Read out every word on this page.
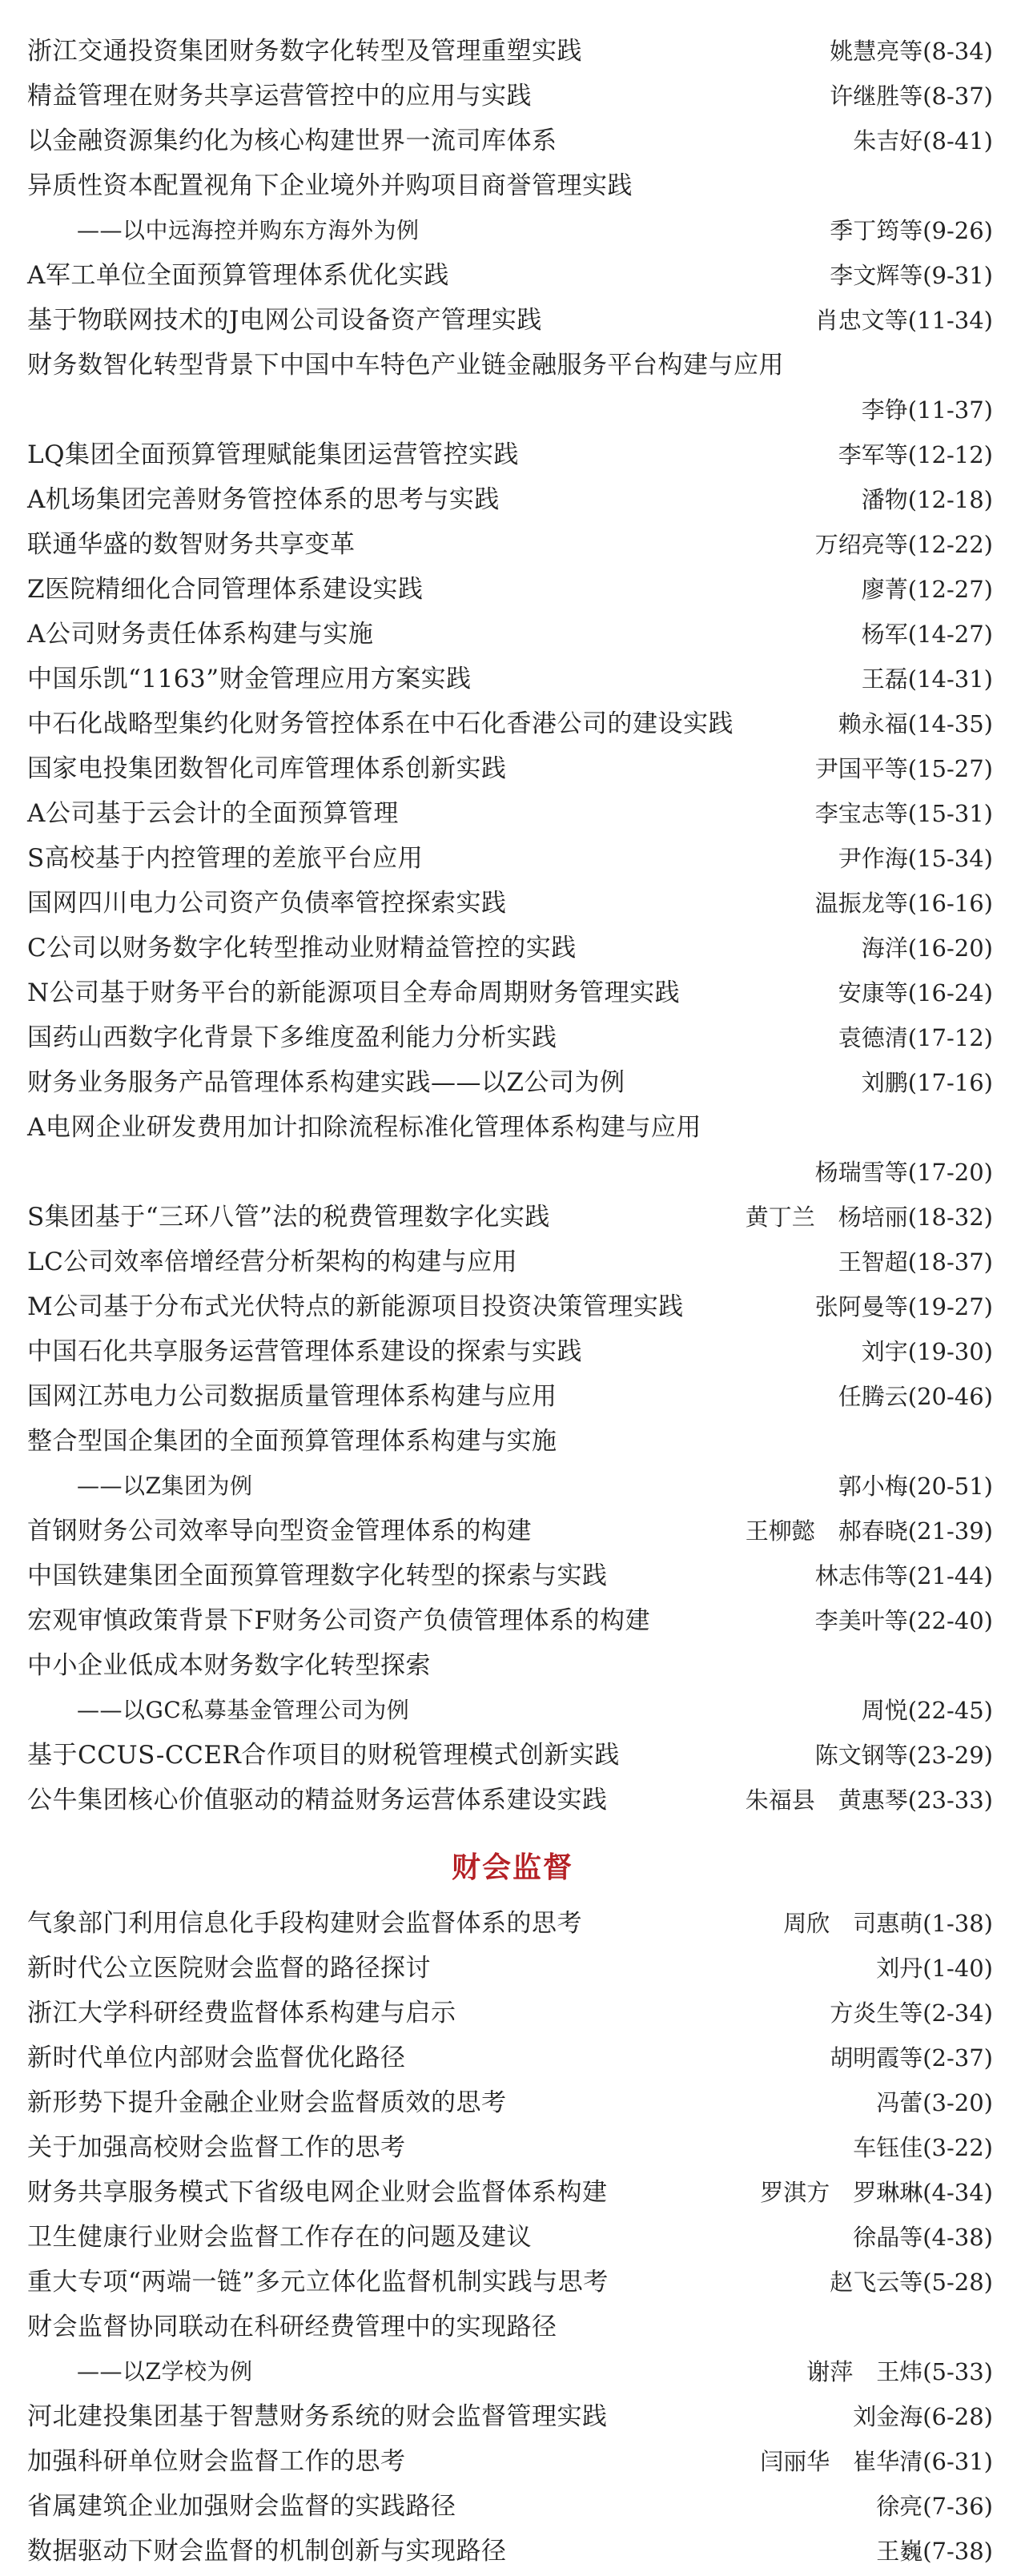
浙江交通投资集团财务数字化转型及管理重塑实践	姚慧亮等(8-34)
精益管理在财务共享运营管控中的应用与实践	许继胜等(8-37)
以金融资源集约化为核心构建世界一流司库体系	朱吉好(8-41)
异质性资本配置视角下企业境外并购项目商誉管理实践
——以中远海控并购东方海外为例	季丁筠等(9-26)
A军工单位全面预算管理体系优化实践	李文辉等(9-31)
基于物联网技术的J电网公司设备资产管理实践	肖忠文等(11-34)
财务数智化转型背景下中国中车特色产业链金融服务平台构建与应用
李铮(11-37)
LQ集团全面预算管理赋能集团运营管控实践	李军等(12-12)
A机场集团完善财务管控体系的思考与实践	潘物(12-18)
联通华盛的数智财务共享变革	万绍亮等(12-22)
Z医院精细化合同管理体系建设实践	廖菁(12-27)
A公司财务责任体系构建与实施	杨军(14-27)
中国乐凯“1163”财金管理应用方案实践	王磊(14-31)
中石化战略型集约化财务管控体系在中石化香港公司的建设实践	赖永福(14-35)
国家电投集团数智化司库管理体系创新实践	尹国平等(15-27)
A公司基于云会计的全面预算管理	李宝志等(15-31)
S高校基于内控管理的差旅平台应用	尹作海(15-34)
国网四川电力公司资产负债率管控探索实践	温振龙等(16-16)
C公司以财务数字化转型推动业财精益管控的实践	海洋(16-20)
N公司基于财务平台的新能源项目全寿命周期财务管理实践	安康等(16-24)
国药山西数字化背景下多维度盈利能力分析实践	袁德清(17-12)
财务业务服务产品管理体系构建实践——以Z公司为例	刘鹏(17-16)
A电网企业研发费用加计扣除流程标准化管理体系构建与应用
杨瑞雪等(17-20)
S集团基于“三环八管”法的税费管理数字化实践	黄丁兰　杨培丽(18-32)
LC公司效率倍增经营分析架构的构建与应用	王智超(18-37)
M公司基于分布式光伏特点的新能源项目投资决策管理实践	张阿曼等(19-27)
中国石化共享服务运营管理体系建设的探索与实践	刘宇(19-30)
国网江苏电力公司数据质量管理体系构建与应用	任腾云(20-46)
整合型国企集团的全面预算管理体系构建与实施
——以Z集团为例	郭小梅(20-51)
首钢财务公司效率导向型资金管理体系的构建	王柳懿　郝春晓(21-39)
中国铁建集团全面预算管理数字化转型的探索与实践	林志伟等(21-44)
宏观审慎政策背景下F财务公司资产负债管理体系的构建	李美叶等(22-40)
中小企业低成本财务数字化转型探索
——以GC私募基金管理公司为例	周悦(22-45)
基于CCUS-CCER合作项目的财税管理模式创新实践	陈文钢等(23-29)
公牛集团核心价值驱动的精益财务运营体系建设实践	朱福县　黄惠琴(23-33)
财会监督
气象部门利用信息化手段构建财会监督体系的思考	周欣　司惠萌(1-38)
新时代公立医院财会监督的路径探讨	刘丹(1-40)
浙江大学科研经费监督体系构建与启示	方炎生等(2-34)
新时代单位内部财会监督优化路径	胡明霞等(2-37)
新形势下提升金融企业财会监督质效的思考	冯蕾(3-20)
关于加强高校财会监督工作的思考	车钰佳(3-22)
财务共享服务模式下省级电网企业财会监督体系构建	罗淇方　罗琳琳(4-34)
卫生健康行业财会监督工作存在的问题及建议	徐晶等(4-38)
重大专项“两端一链”多元立体化监督机制实践与思考	赵飞云等(5-28)
财会监督协同联动在科研经费管理中的实现路径
——以Z学校为例	谢萍　王炜(5-33)
河北建投集团基于智慧财务系统的财会监督管理实践	刘金海(6-28)
加强科研单位财会监督工作的思考	闫丽华　崔华清(6-31)
省属建筑企业加强财会监督的实践路径	徐亮(7-36)
数据驱动下财会监督的机制创新与实现路径	王巍(7-38)
